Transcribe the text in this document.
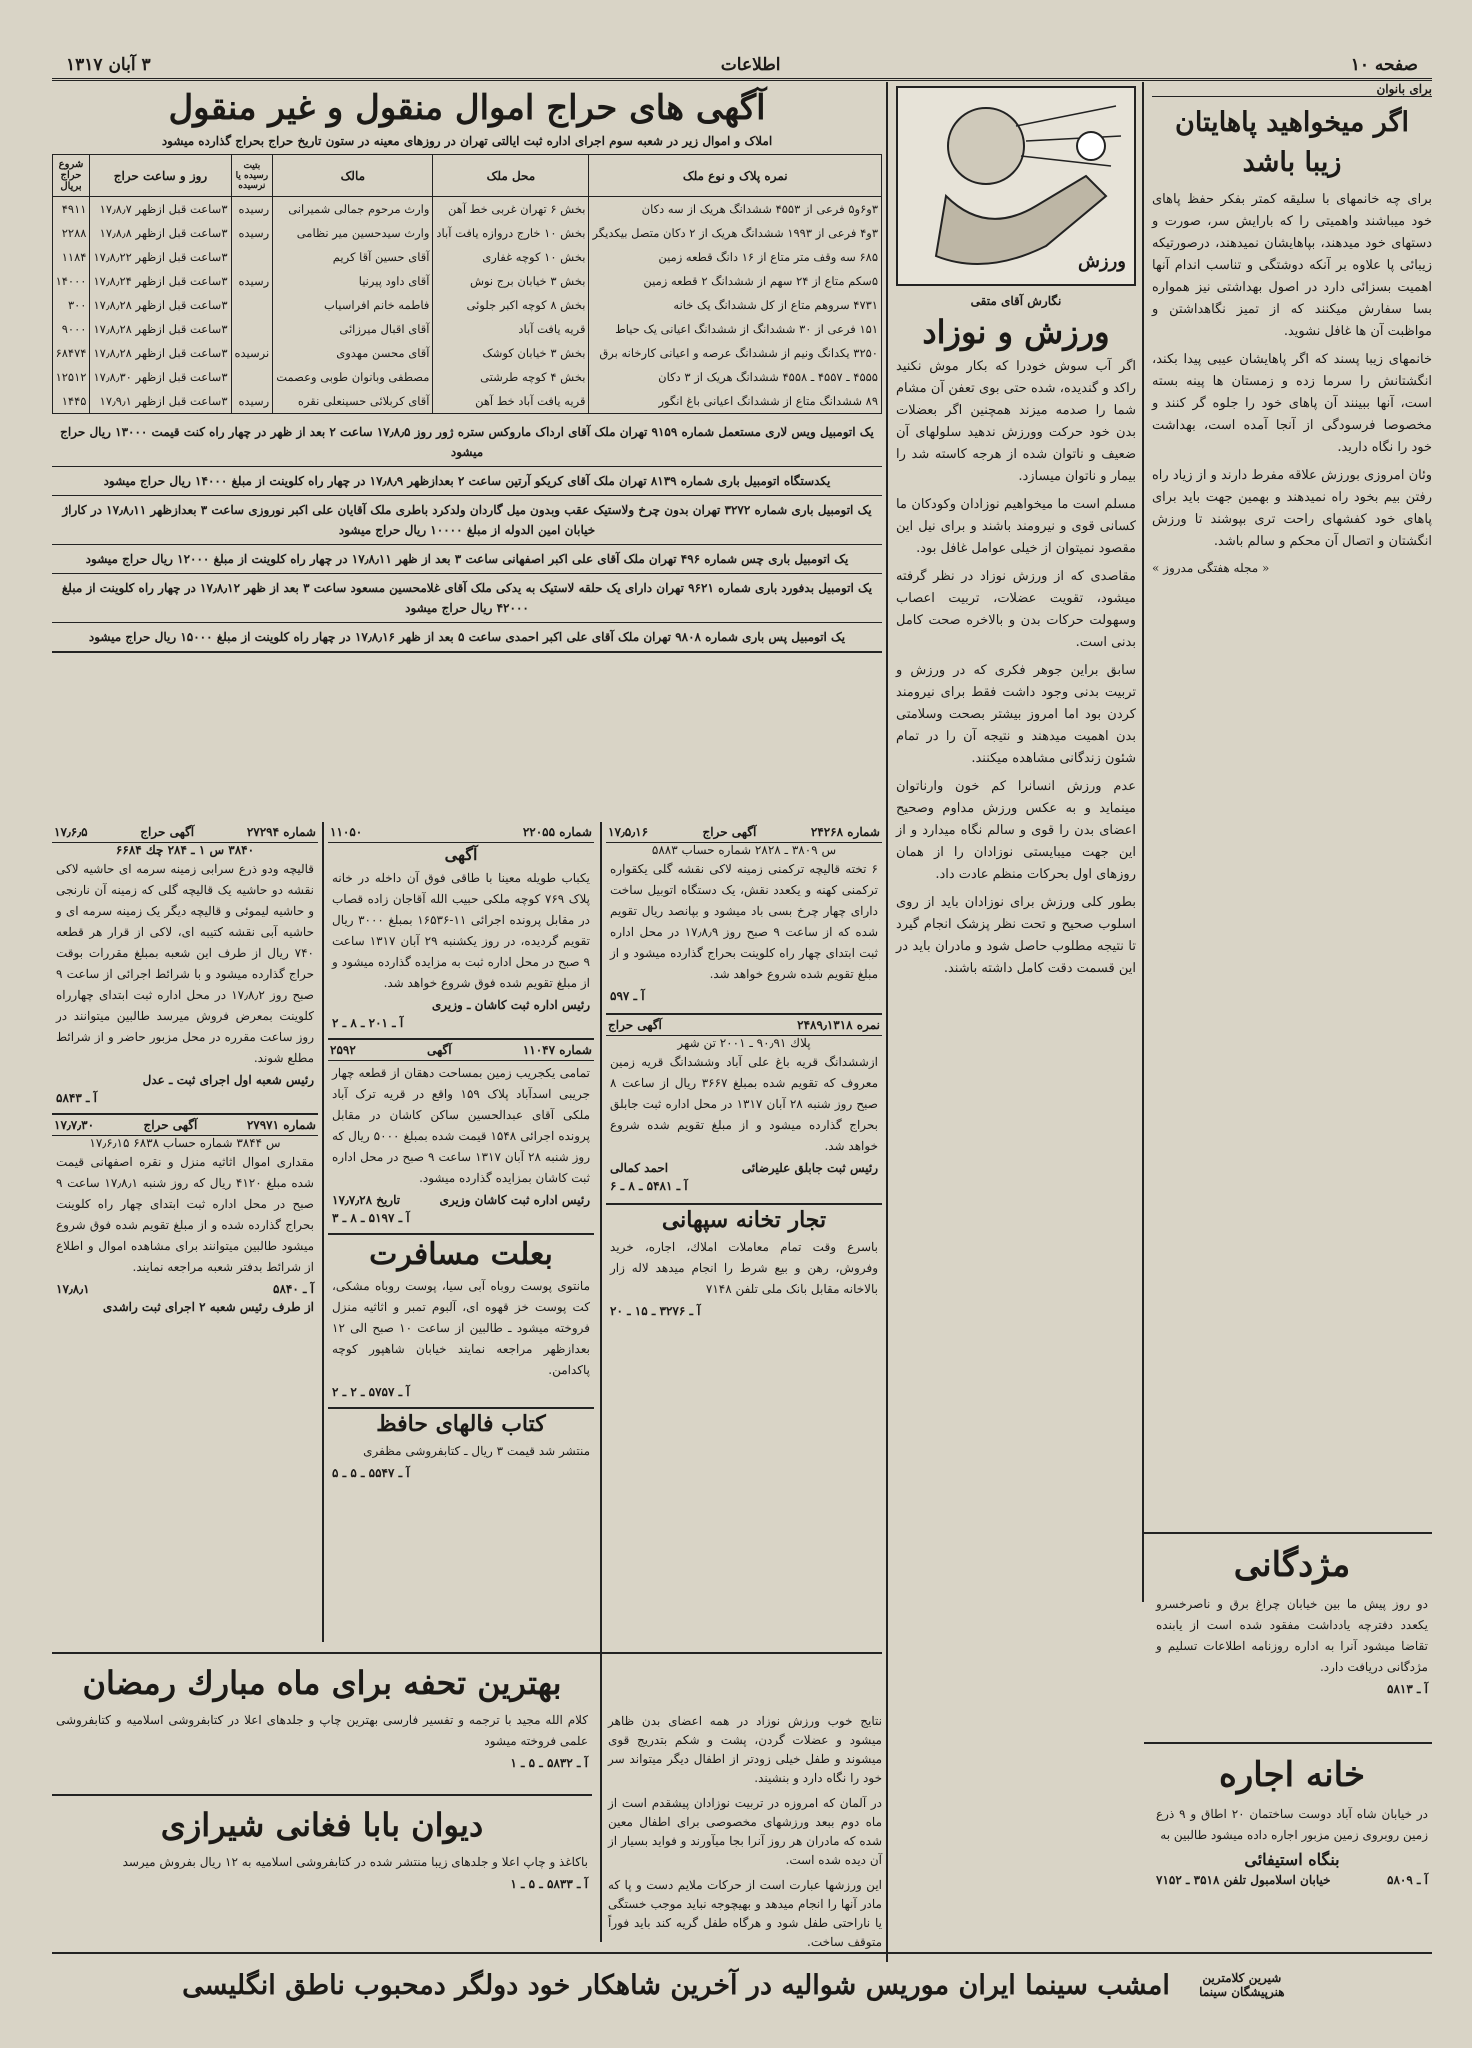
صفحه ۱۰
اطلاعات
۳ آبان ۱۳۱۷
برای بانوان
اگر میخواهید پاهایتان زیبا باشد

برای چه خانمهای با سلیقه کمتر بفکر حفظ پاهای خود میباشند واهمیتی را که بارایش سر، صورت و دستهای خود میدهند، بپاهایشان نمیدهند، درصورتیکه زیبائی پا علاوه بر آنکه دوشتگی و تناسب اندام آنها اهمیت بسزائی دارد در اصول بهداشتی نیز همواره بسا سفارش میکنند که از تمیز نگاهداشتن و مواظبت آن ها غافل نشوید.

خانمهای زیبا پسند که اگر پاهایشان عیبی پیدا بکند، انگشتانش را سرما زده و زمستان ها پینه بسته است، آنها ببینند آن پاهای خود را جلوه گر کنند و مخصوصا فرسودگی از آنجا آمده است، بهداشت خود را نگاه دارید.

وئان امروزی بورزش علاقه مفرط دارند و از زیاد راه رفتن بیم بخود راه نمیدهند و بهمین جهت باید برای پاهای خود کفشهای راحت تری بپوشند تا ورزش انگشتان و اتصال آن محکم و سالم باشد.

« مجله هفتگی مدروز »
ورزش
نگارش آقای متقی
ورزش و نوزاد

اگر آب سوش خودرا که بکار موش نکنید راکد و گندیده، شده حتی بوی تعفن آن مشام شما را صدمه میزند همچنین اگر بعضلات بدن خود حرکت وورزش ندهید سلولهای آن ضعیف و ناتوان شده از هرجه کاسته شد را بیمار و ناتوان میسازد.

مسلم است ما میخواهیم نوزادان وکودکان ما کسانی قوی و نیرومند باشند و برای نیل این مقصود نمیتوان از خیلی عوامل غافل بود.

مقاصدی که از ورزش نوزاد در نظر گرفته میشود، تقویت عضلات، تربیت اعصاب وسهولت حرکات بدن و بالاخره صحت کامل بدنی است.

سابق براین جوهر فکری که در ورزش و تربیت بدنی وجود داشت فقط برای نیرومند کردن بود اما امروز بیشتر بصحت وسلامتی بدن اهمیت میدهند و نتیجه آن را در تمام شئون زندگانی مشاهده میکنند.

عدم ورزش انسانرا کم خون وارناتوان مینماید و به عکس ورزش مداوم وصحیح اعضای بدن را قوی و سالم نگاه میدارد و از این جهت میبایستی نوزادان را از همان روزهای اول بحرکات منظم عادت داد.

بطور کلی ورزش برای نوزادان باید از روی اسلوب صحیح و تحت نظر پزشک انجام گیرد تا نتیجه مطلوب حاصل شود و مادران باید در این قسمت دقت کامل داشته باشند.

آگهی های حراج اموال منقول و غیر منقول
املاک و اموال زیر در شعبه سوم اجرای اداره ثبت ایالتی تهران در روزهای معینه در ستون تاریخ حراج بحراج گذارده میشود
نمره پلاک و نوع ملک	محل ملک	مالک	بتیت رسیده یا نرسیده	روز و ساعت حراج	شروع حراج بریال
۳و۶و۵ فرعی از ۴۵۵۳ ششدانگ هریک از سه دکان	بخش ۶ تهران غربی خط آهن	وارث مرحوم جمالی شمیرانی	رسیده	۳ساعت قبل ازظهر ۱۷٫۸٫۷	۴۹۱۱
۳و۴ فرعی از ۱۹۹۳ ششدانگ هریک از ۲ دکان متصل بیکدیگر	بخش ۱۰ خارج دروازه یافت آباد	وارث سیدحسین میر نظامی	رسیده	۳ساعت قبل ازظهر ۱۷٫۸٫۸	۲۲۸۸
۶۸۵ سه وقف متر متاع از ۱۶ دانگ قطعه زمین	بخش ۱۰ کوچه غفاری	آقای حسین آقا کریم		۳ساعت قبل ازظهر ۱۷٫۸٫۲۲	۱۱۸۴
۵سکم متاع از ۲۴ سهم از ششدانگ ۲ قطعه زمین	بخش ۳ خیابان برج نوش	آقای داود پیرنیا	رسیده	۳ساعت قبل ازظهر ۱۷٫۸٫۲۴	۱۴۰۰۰
۴۷۳۱ سروهم متاع از کل ششدانگ یک خانه	بخش ۸ کوچه اکبر جلوئی	فاطمه خانم افراسیاب		۳ساعت قبل ازظهر ۱۷٫۸٫۲۸	۳۰۰
۱۵۱ فرعی از ۳۰ ششدانگ از ششدانگ اعیانی یک حیاط	قریه یافت آباد	آقای اقبال میرزائی		۳ساعت قبل ازظهر ۱۷٫۸٫۲۸	۹۰۰۰
۳۲۵۰ یکدانگ ونیم از ششدانگ عرصه و اعیانی کارخانه برق	بخش ۳ خیابان کوشک	آقای محسن مهدوی	نرسیده	۳ساعت قبل ازظهر ۱۷٫۸٫۲۸	۶۸۴۷۴
۴۵۵۵ ـ ۴۵۵۷ ـ ۴۵۵۸ ششدانگ هریک از ۳ دکان	بخش ۴ کوچه طرشتی	مصطفی وبانوان طوبی وعصمت		۳ساعت قبل ازظهر ۱۷٫۸٫۳۰	۱۲۵۱۲
۸۹ ششدانگ متاع از ششدانگ اعیانی باغ انگور	قریه یافت آباد خط آهن	آقای کربلائی حسینعلی نقره	رسیده	۳ساعت قبل ازظهر ۱۷٫۹٫۱	۱۴۴۵
یک اتومبیل ویس لاری مستعمل شماره ۹۱۵۹ تهران ملک آقای ارداک ماروکس ستره ژور روز ۱۷٫۸٫۵ ساعت ۲ بعد از ظهر در چهار راه کنت قیمت ۱۳۰۰۰ ریال حراج میشود
یکدستگاه اتومبیل باری شماره ۸۱۳۹ تهران ملک آقای کریکو آرتین ساعت ۲ بعدازظهر ۱۷٫۸٫۹ در چهار راه کلوینت از مبلغ ۱۴۰۰۰ ریال حراج میشود
یک اتومبیل باری شماره ۳۲۷۲ تهران بدون چرخ ولاستیک عقب وبدون میل گاردان ولدکرد باطری ملک آقایان علی اکبر نوروزی ساعت ۳ بعدازظهر ۱۷٫۸٫۱۱ در کاراژ خیابان امین الدوله از مبلغ ۱۰۰۰۰ ریال حراج میشود
یک اتومبیل باری چس شماره ۴۹۶ تهران ملک آقای علی اکبر اصفهانی ساعت ۳ بعد از ظهر ۱۷٫۸٫۱۱ در چهار راه کلوینت از مبلغ ۱۲۰۰۰ ریال حراج میشود
یک اتومبیل بدفورد باری شماره ۹۶۲۱ تهران دارای یک حلقه لاستیک به یدکی ملک آقای غلامحسین مسعود ساعت ۳ بعد از ظهر ۱۷٫۸٫۱۲ در چهار راه کلوینت از مبلغ ۴۲۰۰۰ ریال حراج میشود
یک اتومبیل پس باری شماره ۹۸۰۸ تهران ملک آقای علی اکبر احمدی ساعت ۵ بعد از ظهر ۱۷٫۸٫۱۶ در چهار راه کلوینت از مبلغ ۱۵۰۰۰ ریال حراج میشود
شماره ۲۴۲۶۸
آگهی حراج
۱۷٫۵٫۱۶
س ۳۸۰۹ ـ ۲۸۲۸ شماره حساب ۵۸۸۳
۶ تخته قالیچه ترکمنی زمینه لاکی نقشه گلی یکقواره ترکمنی کهنه و یکعدد نقش، یک دستگاه اتوبیل ساخت دارای چهار چرخ بسی باد میشود و بپانصد ریال تقویم شده که از ساعت ۹ صبح روز ۱۷٫۸٫۹ در محل اداره ثبت ابتدای چهار راه کلوینت بحراج گذارده میشود و از مبلغ تقویم شده شروع خواهد شد.
آ ـ ۵۹۷
نمره ۲۴۸۹٫۱۳۱۸
آگهی حراج
پلاك ۹۰٫۹۱ ـ ۲۰۰۱ تن شهر
ازششدانگ قریه باغ علی آباد وششدانگ قریه زمین معروف که تقویم شده بمبلغ ۳۶۶۷ ریال از ساعت ۸ صبح روز شنبه ۲۸ آبان ۱۳۱۷ در محل اداره ثبت جابلق بحراج گذارده میشود و از مبلغ تقویم شده شروع خواهد شد.
رئیس ثبت جابلق علیرضائی
احمد کمالی
آ ـ ۵۴۸۱ ـ ۸ ـ ۶
تجار تخانه سپهانی
باسرع وقت تمام معاملات املاك، اجاره، خرید وفروش، رهن و بیع شرط را انجام میدهد لاله زار بالاخانه مقابل بانک ملی تلفن ۷۱۴۸
آ ـ ۳۲۷۶ ـ ۱۵ ـ ۲۰
شماره ۲۲۰۵۵
۱۱۰۵۰
آگهی
یکباب طویله معینا با طاقی فوق آن داخله در خانه پلاک ۷۶۹ کوچه ملکی حبیب الله آقاجان زاده قصاب در مقابل پرونده اجرائی ۱۱-۱۶۵۳۶ بمبلغ ۳۰۰۰ ریال تقویم گردیده، در روز یکشنبه ۲۹ آبان ۱۳۱۷ ساعت ۹ صبح در محل اداره ثبت به مزایده گذارده میشود و از مبلغ تقویم شده فوق شروع خواهد شد.
رئیس اداره ثبت کاشان ـ وزیری
آ ـ ۲۰۱ ـ ۸ ـ ۲
شماره ۱۱۰۴۷
آگهی
۲۵۹۲
تمامی یکجریب زمین بمساحت دهقان از قطعه چهار جریبی اسدآباد پلاک ۱۵۹ واقع در قریه ترک آباد ملکی آقای عبدالحسین ساکن کاشان در مقابل پرونده اجرائی ۱۵۴۸ قیمت شده بمبلغ ۵۰۰۰ ریال که روز شنبه ۲۸ آبان ۱۳۱۷ ساعت ۹ صبح در محل اداره ثبت کاشان بمزایده گذارده میشود.
رئیس اداره ثبت کاشان وزیری
تاریخ ۱۷٫۷٫۲۸
آ ـ ۵۱۹۷ ـ ۸ ـ ۳
بعلت مسافرت
مانتوی پوست روباه آبی سیا، پوست روباه مشکی، کت پوست خز قهوه ای، آلبوم تمبر و اثاثیه منزل فروخته میشود ـ طالبین از ساعت ۱۰ صبح الی ۱۲ بعدازظهر مراجعه نمایند خیابان شاهپور کوچه پاکدامن.
آ ـ ۵۷۵۷ ـ ۲ ـ ۲
کتاب فالهای حافظ
منتشر شد قیمت ۳ ریال ـ کتابفروشی مظفری
آ ـ ۵۵۴۷ ـ ۵ ـ ۵
شماره ۲۷۲۹۴
آگهی حراج
۱۷٫۶٫۵
۳۸۴۰ س ۱ ـ ۲۸۴ چك ۶۶۸۴
قالیچه ودو ذرع سرابی زمینه سرمه ای حاشیه لاکی نقشه دو حاشیه یک قالیچه گلی که زمینه آن نارنجی و حاشیه لیموئی و قالیچه دیگر یک زمینه سرمه ای و حاشیه آبی نقشه کتیبه ای، لاکی از قرار هر قطعه ۷۴۰ ریال از طرف این شعبه بمبلغ مقررات بوقت حراج گذارده میشود و با شرائط اجرائی از ساعت ۹ صبح روز ۱۷٫۸٫۲ در محل اداره ثبت ابتدای چهارراه کلوینت بمعرض فروش میرسد طالبین میتوانند در روز ساعت مقرره در محل مزبور حاضر و از شرائط مطلع شوند.
رئیس شعبه اول اجرای ثبت ـ عدل
آ ـ ۵۸۴۳
شماره ۲۷۹۷۱
آگهی حراج
۱۷٫۷٫۳۰
س ۳۸۴۴ شماره حساب ۶۸۳۸ ۱۷٫۶٫۱۵
مقداری اموال اثاثیه منزل و نقره اصفهانی قیمت شده مبلغ ۴۱۲۰ ریال که روز شنبه ۱۷٫۸٫۱ ساعت ۹ صبح در محل اداره ثبت ابتدای چهار راه کلوینت بحراج گذارده شده و از مبلغ تقویم شده فوق شروع میشود طالبین میتوانند برای مشاهده اموال و اطلاع از شرائط بدفتر شعبه مراجعه نمایند.
آ ـ ۵۸۴۰
۱۷٫۸٫۱
از طرف رئیس شعبه ۲ اجرای ثبت راشدی
بهترین تحفه برای ماه مبارك رمضان
کلام الله مجید با ترجمه و تفسیر فارسی بهترین چاپ و جلدهای اعلا در کتابفروشی اسلامیه و کتابفروشی علمی فروخته میشود
آ ـ ۵۸۳۲ ـ ۵ ـ ۱
دیوان بابا فغانی شیرازی
باکاغذ و چاپ اعلا و جلدهای زیبا منتشر شده در کتابفروشی اسلامیه به ۱۲ ریال بفروش میرسد
آ ـ ۵۸۳۳ ـ ۵ ـ ۱

نتایج خوب ورزش نوزاد در همه اعضای بدن ظاهر میشود و عضلات گردن، پشت و شکم بتدریج قوی میشوند و طفل خیلی زودتر از اطفال دیگر میتواند سر خود را نگاه دارد و بنشیند.

در آلمان که امروزه در تربیت نوزادان پیشقدم است از ماه دوم ببعد ورزشهای مخصوصی برای اطفال معین شده که مادران هر روز آنرا بجا میآورند و فواید بسیار از آن دیده شده است.

این ورزشها عبارت است از حرکات ملایم دست و پا که مادر آنها را انجام میدهد و بهیچوجه نباید موجب خستگی یا ناراحتی طفل شود و هرگاه طفل گریه کند باید فوراً متوقف ساخت.

مژدگانی
دو روز پیش ما بین خیابان چراغ برق و ناصرخسرو یکعدد دفترچه یادداشت مفقود شده است از یابنده تقاضا میشود آنرا به اداره روزنامه اطلاعات تسلیم و مژدگانی دریافت دارد.
آ ـ ۵۸۱۳
خانه اجاره
در خیابان شاه آباد دوست ساختمان ۲۰ اطاق و ۹ ذرع زمین روبروی زمین مزبور اجاره داده میشود طالبین به
بنگاه استیفائی
آ ـ ۵۸۰۹
خیابان اسلامبول تلفن ۳۵۱۸ ـ ۷۱۵۲
شیرین کلامترین هنرپیشگان سینما
امشب سینما ایران موریس شوالیه در آخرین شاهکار خود دولگر دمحبوب ناطق انگلیسی
